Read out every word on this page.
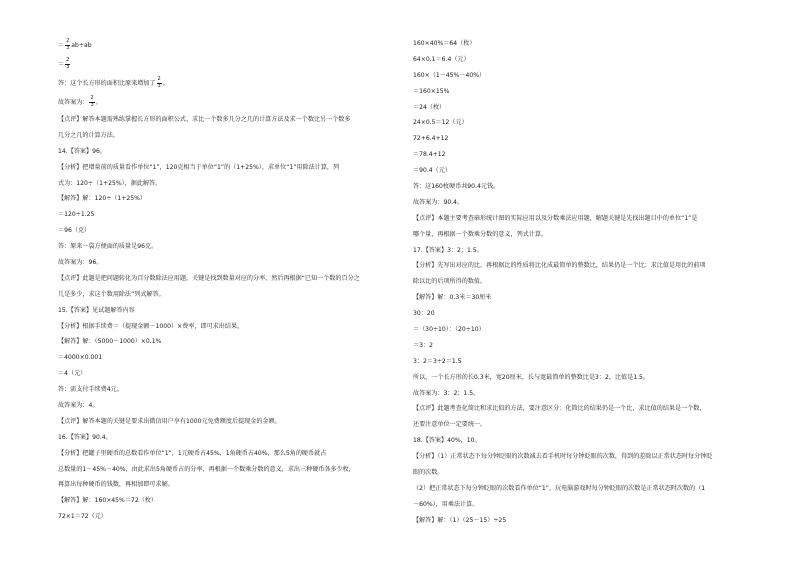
＝ $\frac{2}{3} ab\div ab$
＝ $\frac{2}{3}$
答：这个长方形的面积比原来增加了 $\frac{2}{3}$ 。
故答案为： $\frac{2}{3}$ 。
【点评】解答本题需熟练掌握长方形的面积公式、求比一个数多几分之几的计算方法及求一个数比另一个数多
几分之几的计算方法。
14.【答案】96。
【分析】把增量前的质量看作单位“1”，120克相当于单位“1”的（1+25%），求单位“1”用除法计算，列
式为：120÷（1+25%），据此解答。
【解答】解：120÷（1+25%）
＝120÷1.25
＝96（克）
答：原来一袋方便面的质量是96克。
故答案为：96。
【点评】此题是把问题转化为百分数除法应用题，关键是找到数量对应的分率，然后再根据“已知一个数的百分之
几是多少，求这个数用除法”列式解答。
15.【答案】见试题解答内容
【分析】根据手续费＝（提现金额－1000）×费率，即可求出结果。
【解答】解：（5000－1000）×0.1%
＝4000×0.001
＝4（元）
答：需支付手续费4元。
故答案为：4。
【点评】解答本题的关键是要求出微信用户享有1000元免费额度后提现金的金额。
16.【答案】90.4。
【分析】把罐子里硬币的总数看作单位“1”，1元硬币占45%，1角硬币占40%，那么5角的硬币就占
总数量的1－45%－40%，由此求出5角硬币占的分率，再根据一个数乘分数的意义，求出三种硬币各多少枚，
再算出每种硬币的钱数，再相加即可求解。
【解答】解：160×45%＝72（枚）
72×1＝72（元）
160×40%＝64（枚）
64×0.1＝6.4（元）
160×（1－45%－40%）
＝160×15%
＝24（枚）
24×0.5＝12（元）
72+6.4+12
＝78.4+12
＝90.4（元）
答：这160枚硬币共90.4元钱。
故答案为：90.4。
【点评】本题主要考查扇形统计图的实际应用以及分数乘法应用题，解题关键是先找出题目中的单位“1”是
哪个量，再根据一个数乘分数的意义，列式计算。
17.【答案】3：2；1.5。
【分析】先写出对应的比，再根据比的性质将比化成最简单的整数比，结果仍是一个比；求比值是用比的前项
除以比的后项所得的数值。
【解答】解：0.3米＝30厘米
30：20
＝（30÷10）：（20÷10）
＝3：2
3：2＝3÷2＝1.5
所以，一个长方形的长0.3米，宽20厘米，长与宽最简单的整数比是3：2，比值是1.5。
故答案为：3：2；1.5。
【点评】此题考查化简比和求比值的方法，要注意区分：化简比的结果仍是一个比，求比值的结果是一个数，
还要注意单位一定要统一。
18.【答案】40%，10。
【分析】（1）正常状态下每分钟眨眼的次数减去看手机时每分钟眨眼的次数，得到的差除以正常状态时每分钟眨
眼的次数。
（2）把正常状态下每分钟眨眼的次数看作单位“1”，玩电脑游戏时每分钟眨眼的次数是正常状态时次数的（1
－60%），用乘法计算。
【解答】解：（1）（25－15）÷25
